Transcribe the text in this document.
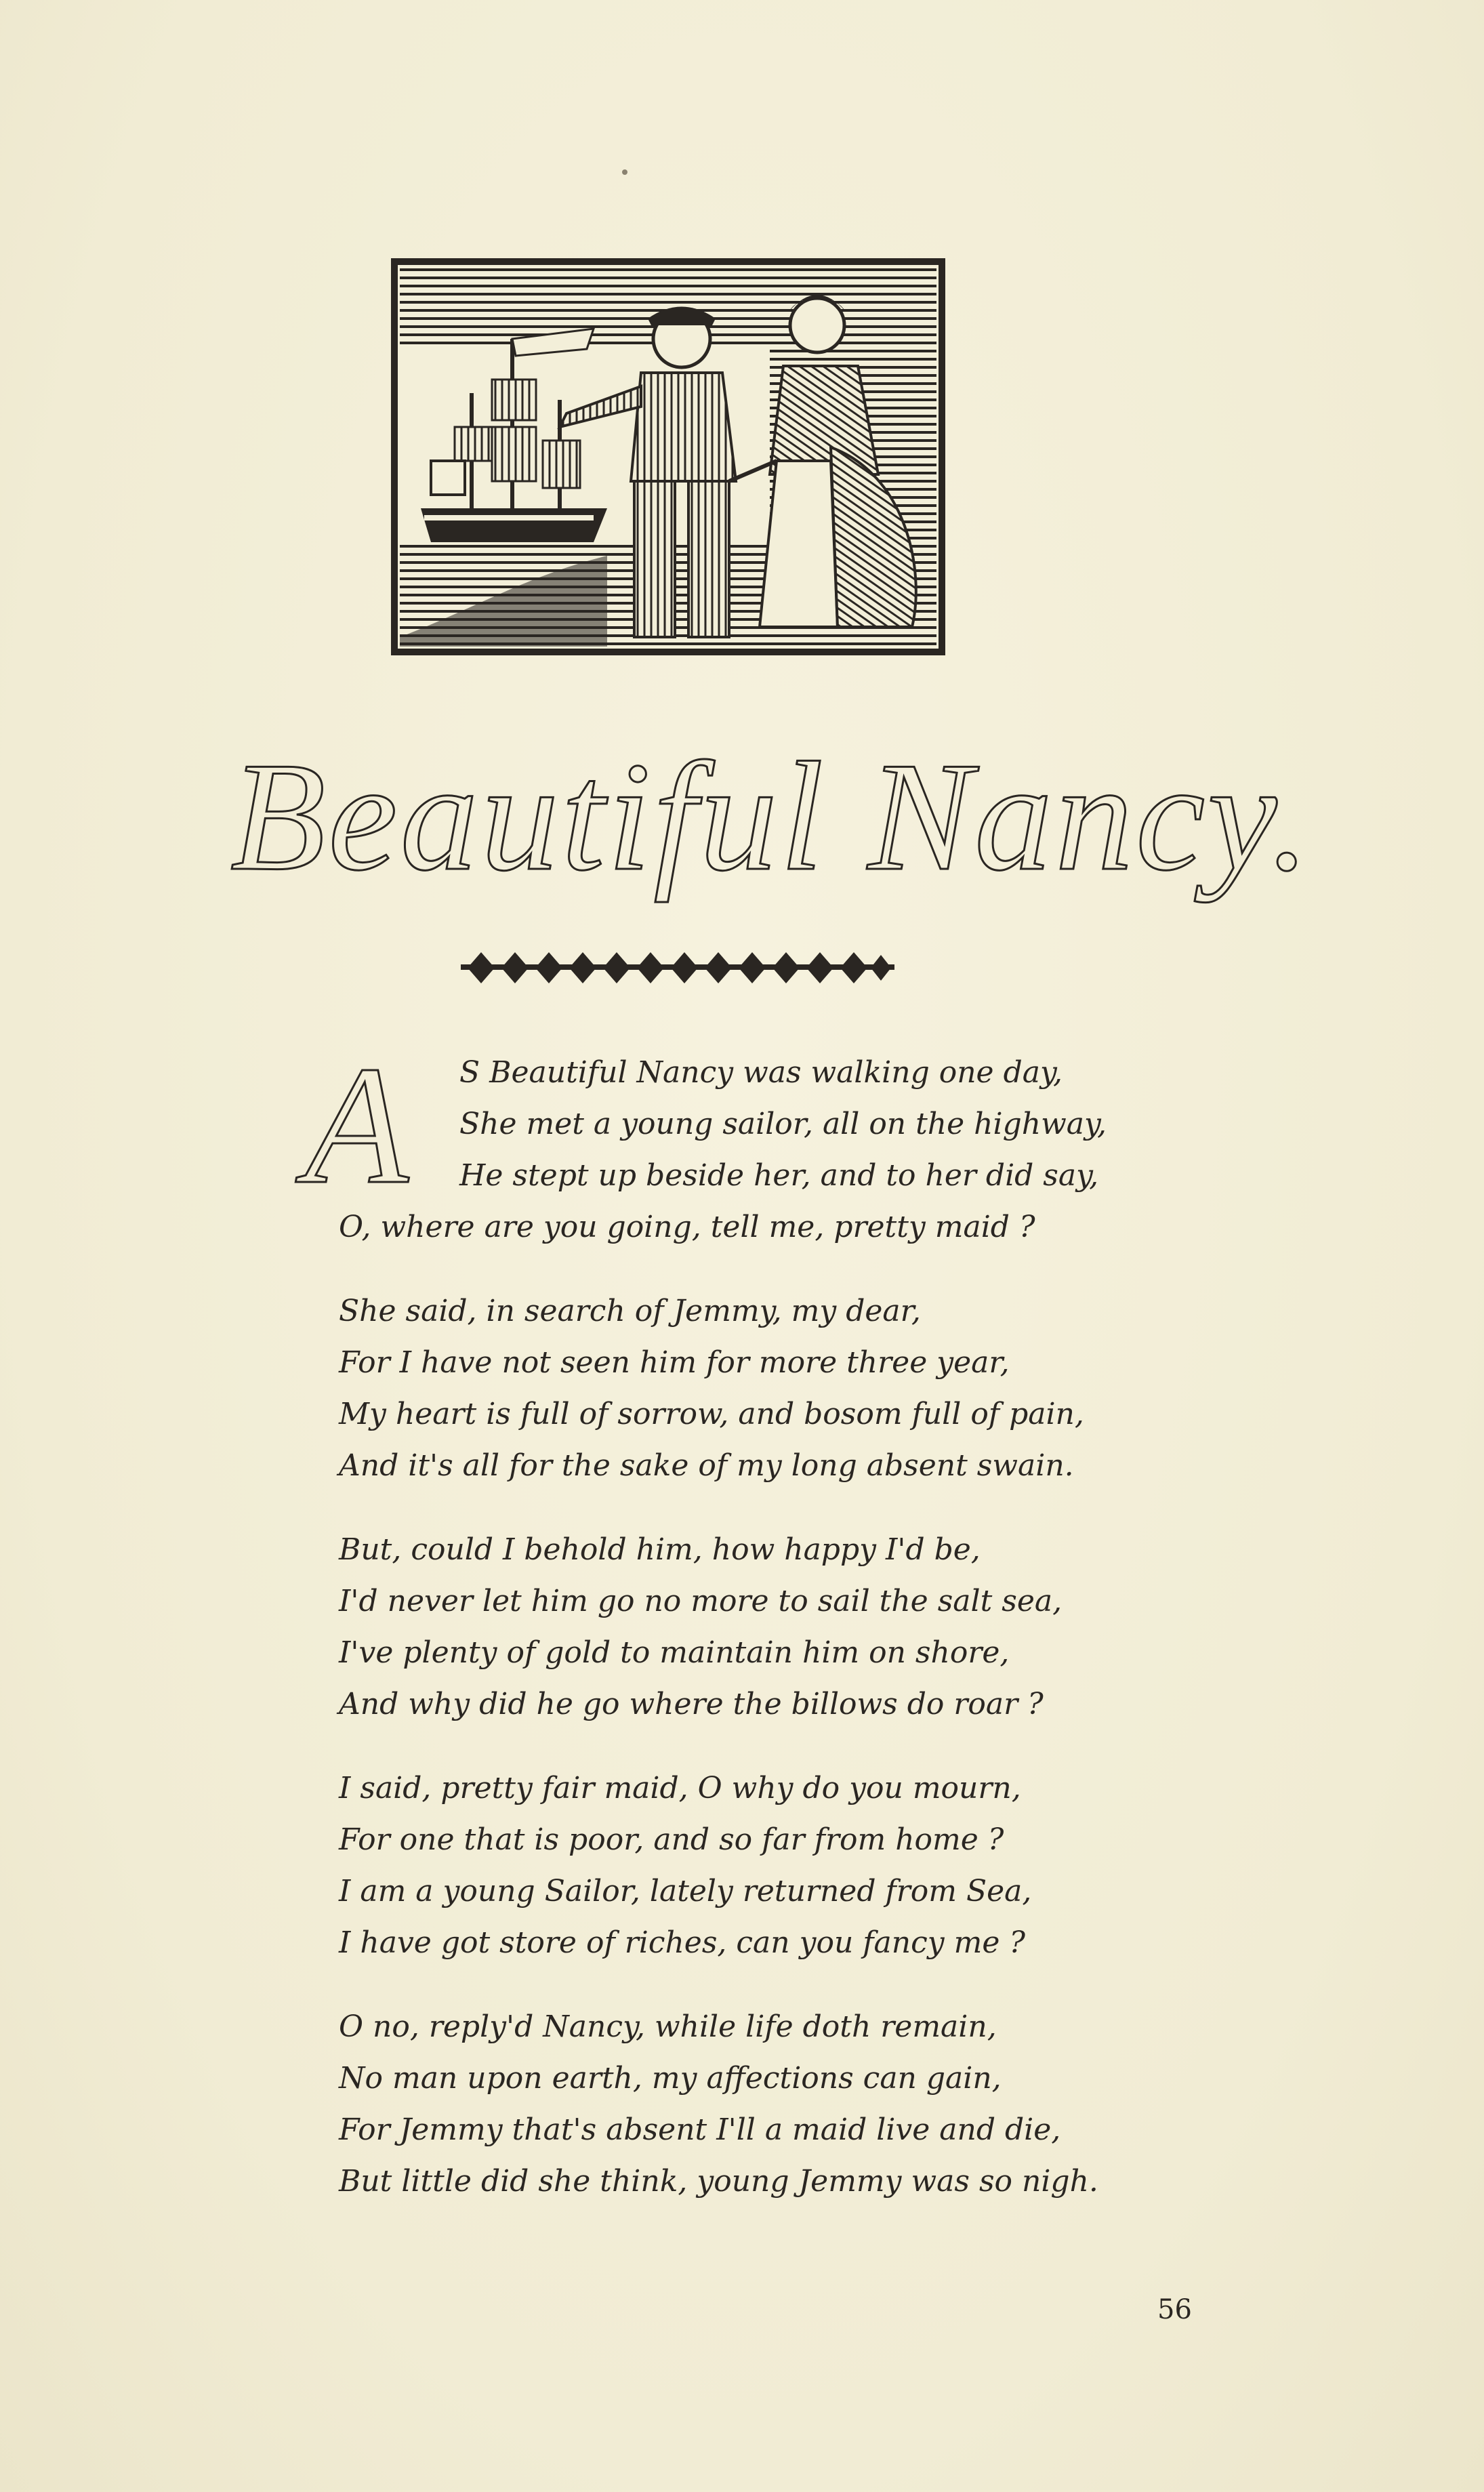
Beautiful Nancy.
A	S Beautiful Nancy was walking one day,
She met a young sailor, all on the highway,
He stept up beside her, and to her did say,
O, where are you going, tell me, pretty maid ?
She said, in search of Jemmy, my dear,
For I have not seen him for more three year,
My heart is full of sorrow, and bosom full of pain,
And it's all for the sake of my long absent swain.
But, could I behold him, how happy I'd be,
I'd never let him go no more to sail the salt sea,
I've plenty of gold to maintain him on shore,
And why did he go where the billows do roar ?
I said, pretty fair maid, O why do you mourn,
For one that is poor, and so far from home ?
I am a young Sailor, lately returned from Sea,
I have got store of riches, can you fancy me ?
O no, reply'd Nancy, while life doth remain,
No man upon earth, my affections can gain,
For Jemmy that's absent I'll a maid live and die,
But little did she think, young Jemmy was so nigh.
56
